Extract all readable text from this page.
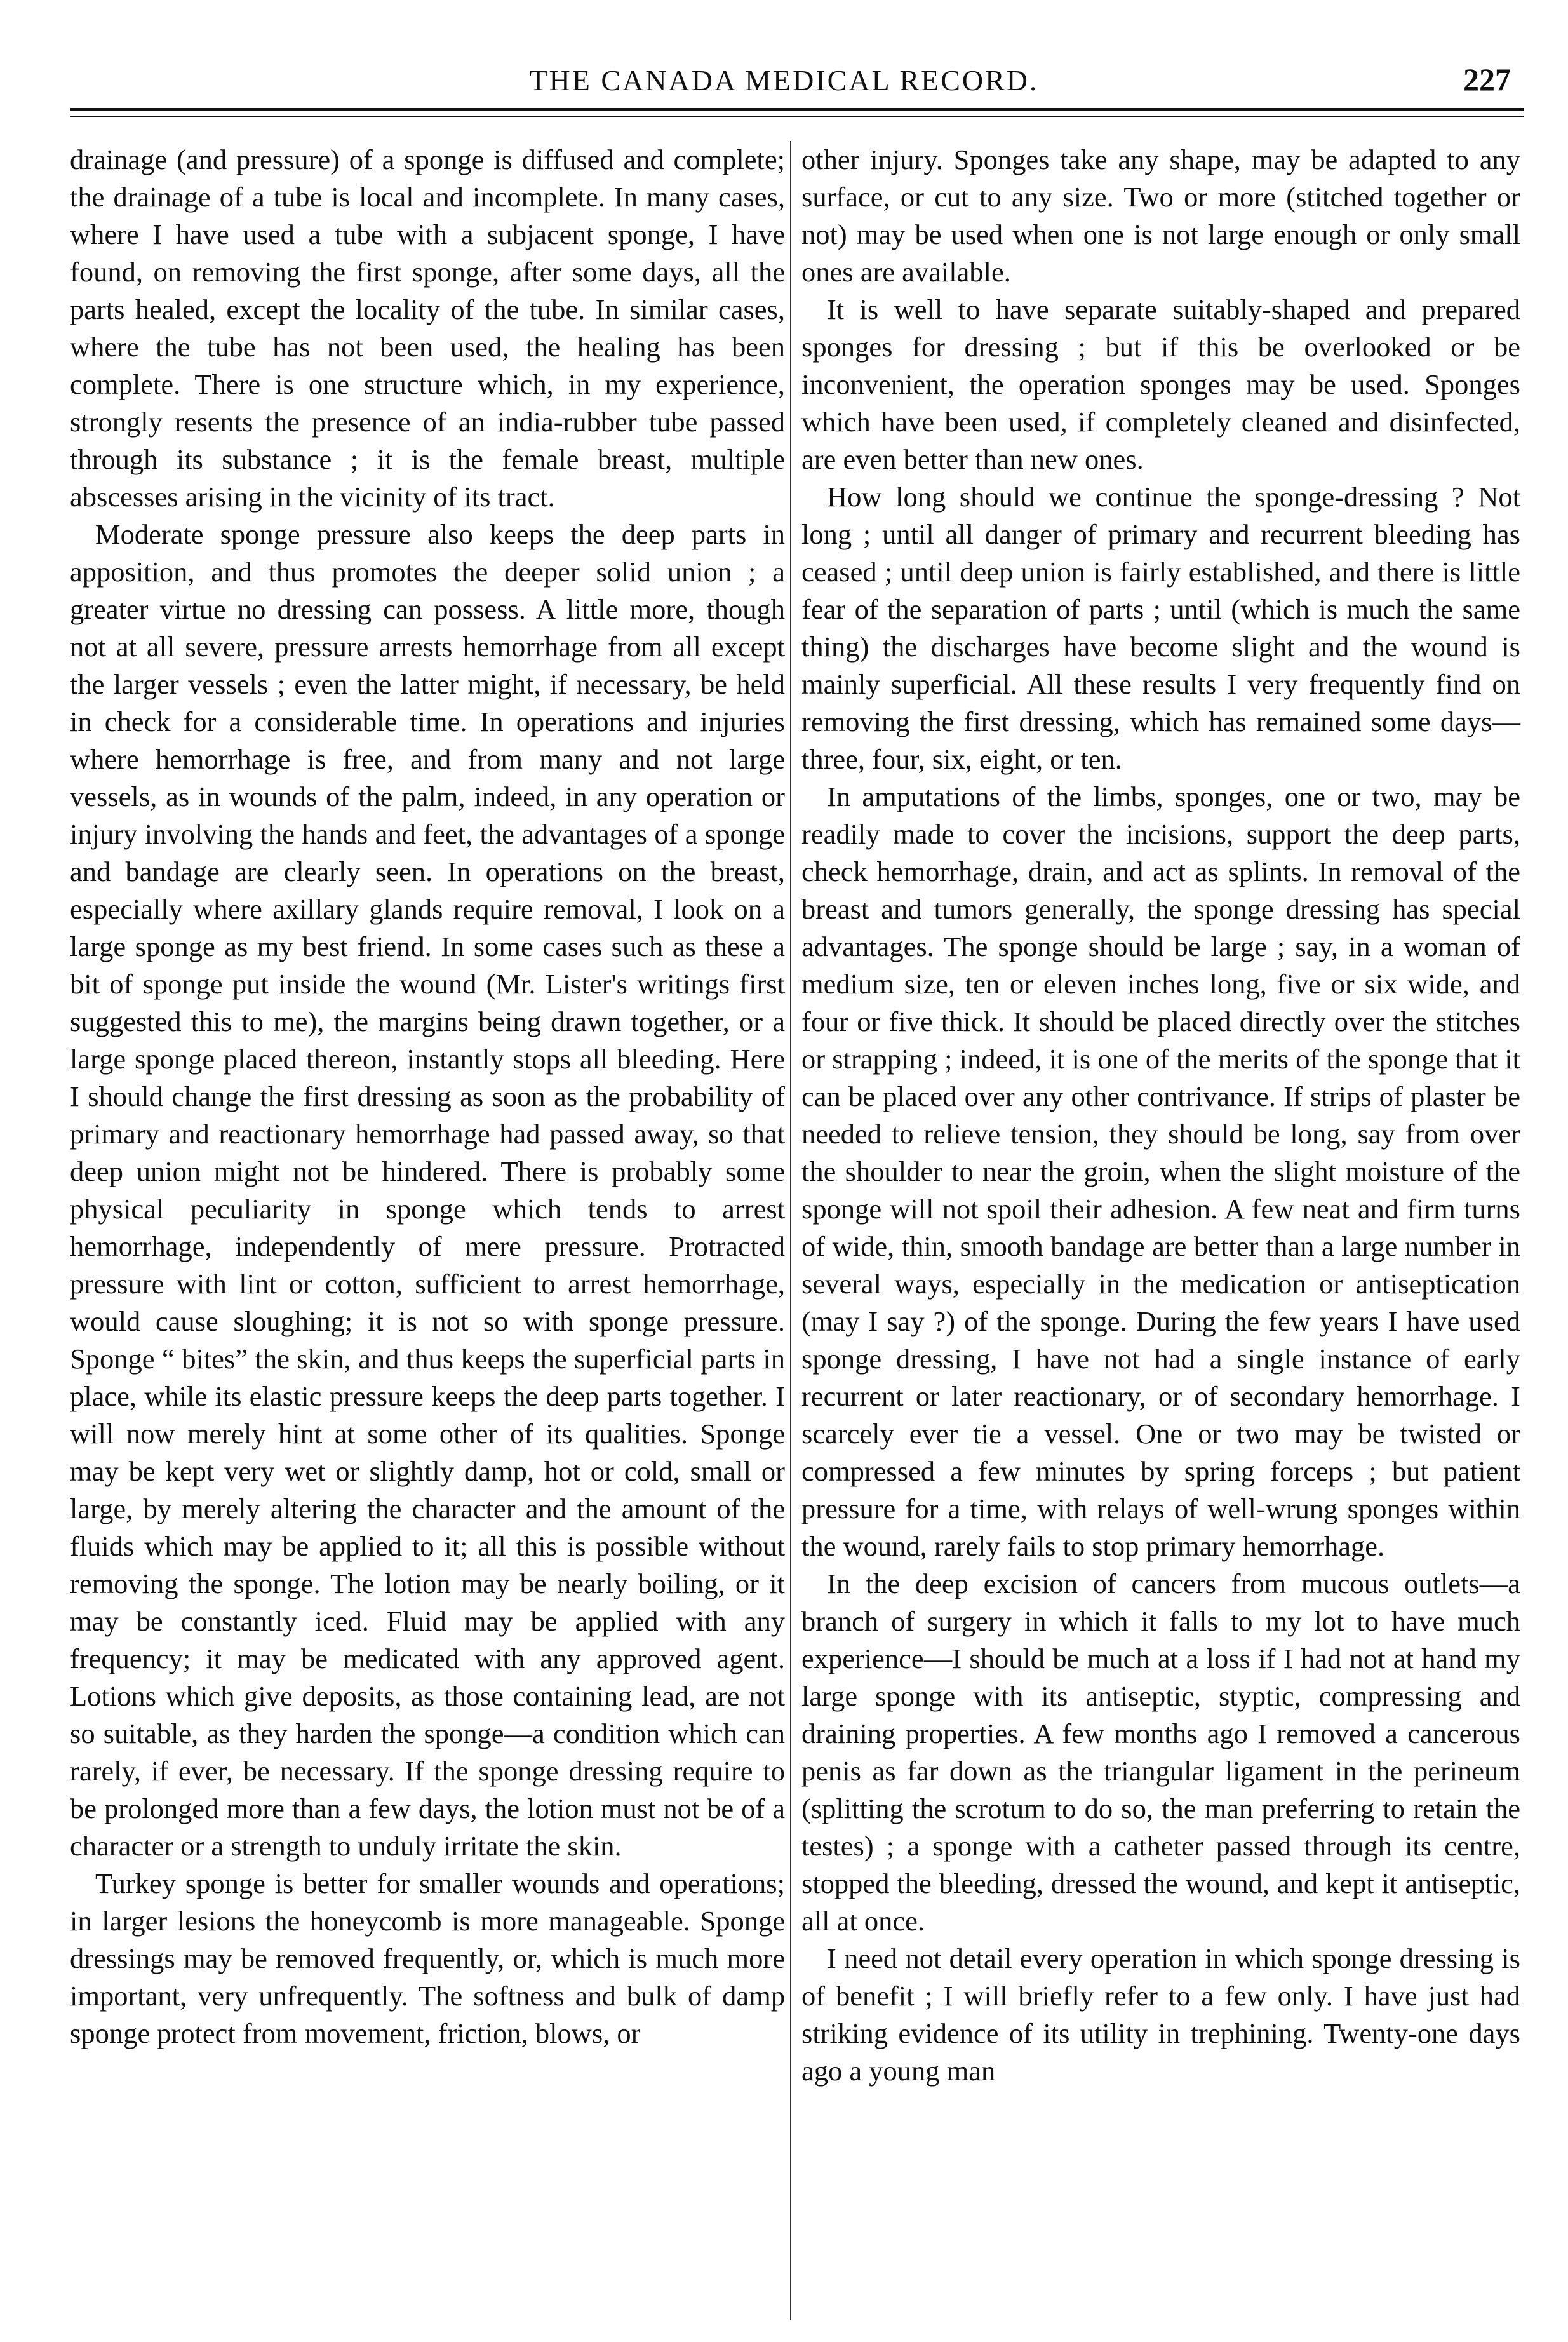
THE CANADA MEDICAL RECORD.	227

drainage (and pressure) of a sponge is diffused and complete; the drainage of a tube is local and incomplete. In many cases, where I have used a tube with a subjacent sponge, I have found, on removing the first sponge, after some days, all the parts healed, except the locality of the tube. In similar cases, where the tube has not been used, the healing has been complete. There is one structure which, in my experience, strongly resents the presence of an india-rubber tube passed through its substance ; it is the female breast, multiple abscesses arising in the vicinity of its tract.

Moderate sponge pressure also keeps the deep parts in apposition, and thus promotes the deeper solid union ; a greater virtue no dressing can possess. A little more, though not at all severe, pressure arrests hemorrhage from all except the larger vessels ; even the latter might, if necessary, be held in check for a considerable time. In operations and injuries where hemorrhage is free, and from many and not large vessels, as in wounds of the palm, indeed, in any operation or injury involving the hands and feet, the advantages of a sponge and bandage are clearly seen. In operations on the breast, especially where axillary glands require removal, I look on a large sponge as my best friend. In some cases such as these a bit of sponge put inside the wound (Mr. Lister's writings first suggested this to me), the margins being drawn together, or a large sponge placed thereon, instantly stops all bleeding. Here I should change the first dressing as soon as the probability of primary and reactionary hemorrhage had passed away, so that deep union might not be hindered. There is probably some physical peculiarity in sponge which tends to arrest hemorrhage, independently of mere pressure. Protracted pressure with lint or cotton, sufficient to arrest hemorrhage, would cause sloughing; it is not so with sponge pressure. Sponge “ bites” the skin, and thus keeps the superficial parts in place, while its elastic pressure keeps the deep parts together. I will now merely hint at some other of its qualities. Sponge may be kept very wet or slightly damp, hot or cold, small or large, by merely altering the character and the amount of the fluids which may be applied to it; all this is possible without removing the sponge. The lotion may be nearly boiling, or it may be constantly iced. Fluid may be applied with any frequency; it may be medicated with any approved agent. Lotions which give deposits, as those containing lead, are not so suitable, as they harden the sponge—a condition which can rarely, if ever, be necessary. If the sponge dressing require to be prolonged more than a few days, the lotion must not be of a character or a strength to unduly irritate the skin.

Turkey sponge is better for smaller wounds and operations; in larger lesions the honeycomb is more manageable. Sponge dressings may be removed frequently, or, which is much more important, very unfrequently. The softness and bulk of damp sponge protect from movement, friction, blows, or

other injury. Sponges take any shape, may be adapted to any surface, or cut to any size. Two or more (stitched together or not) may be used when one is not large enough or only small ones are available.

It is well to have separate suitably-shaped and prepared sponges for dressing ; but if this be overlooked or be inconvenient, the operation sponges may be used. Sponges which have been used, if completely cleaned and disinfected, are even better than new ones.

How long should we continue the sponge-dressing ? Not long ; until all danger of primary and recurrent bleeding has ceased ; until deep union is fairly established, and there is little fear of the separation of parts ; until (which is much the same thing) the discharges have become slight and the wound is mainly superficial. All these results I very frequently find on removing the first dressing, which has remained some days—three, four, six, eight, or ten.

In amputations of the limbs, sponges, one or two, may be readily made to cover the incisions, support the deep parts, check hemorrhage, drain, and act as splints. In removal of the breast and tumors generally, the sponge dressing has special advantages. The sponge should be large ; say, in a woman of medium size, ten or eleven inches long, five or six wide, and four or five thick. It should be placed directly over the stitches or strapping ; indeed, it is one of the merits of the sponge that it can be placed over any other contrivance. If strips of plaster be needed to relieve tension, they should be long, say from over the shoulder to near the groin, when the slight moisture of the sponge will not spoil their adhesion. A few neat and firm turns of wide, thin, smooth bandage are better than a large number in several ways, especially in the medication or antiseptication (may I say ?) of the sponge. During the few years I have used sponge dressing, I have not had a single instance of early recurrent or later reactionary, or of secondary hemorrhage. I scarcely ever tie a vessel. One or two may be twisted or compressed a few minutes by spring forceps ; but patient pressure for a time, with relays of well-wrung sponges within the wound, rarely fails to stop primary hemorrhage.

In the deep excision of cancers from mucous outlets—a branch of surgery in which it falls to my lot to have much experience—I should be much at a loss if I had not at hand my large sponge with its antiseptic, styptic, compressing and draining properties. A few months ago I removed a cancerous penis as far down as the triangular ligament in the perineum (splitting the scrotum to do so, the man preferring to retain the testes) ; a sponge with a catheter passed through its centre, stopped the bleeding, dressed the wound, and kept it antiseptic, all at once.

I need not detail every operation in which sponge dressing is of benefit ; I will briefly refer to a few only. I have just had striking evidence of its utility in trephining. Twenty-one days ago a young man
